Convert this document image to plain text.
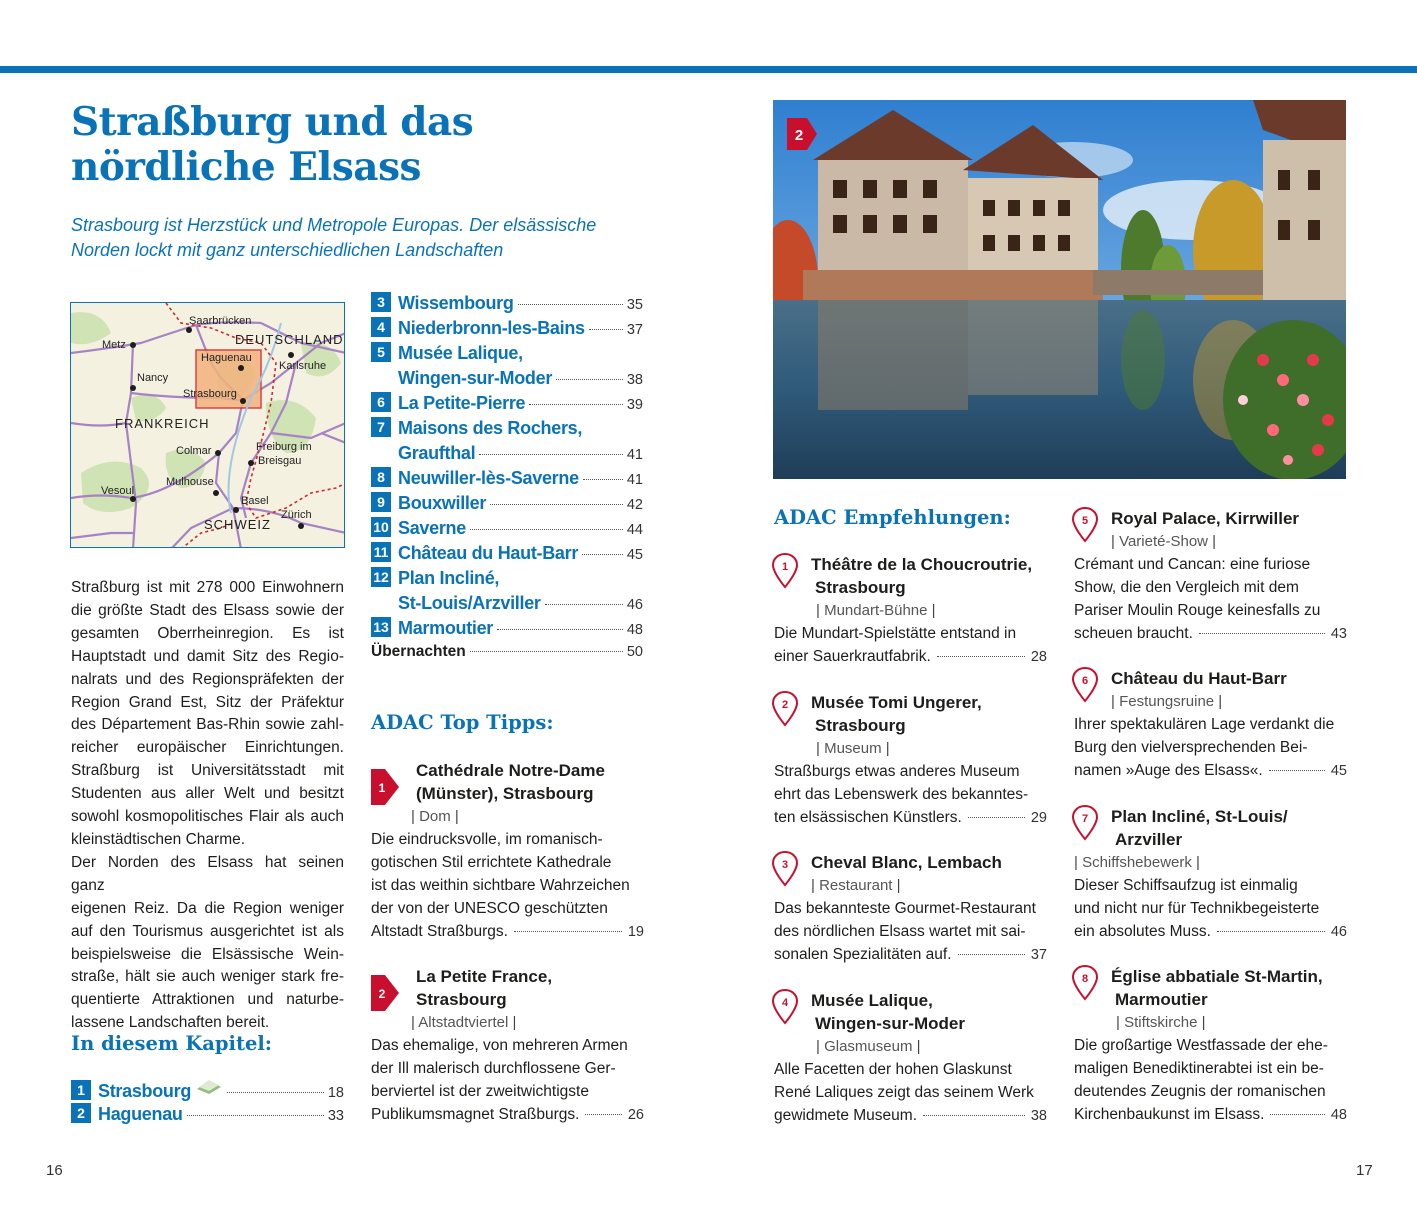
Straßburg und das
nördliche Elsass
Strasbourg ist Herzstück und Metropole Europas. Der elsässische
Norden lockt mit ganz unterschiedlichen Landschaften
Saarbrücken
Metz	DEUTSCHLAND
Haguenau
Karlsruhe
Nancy
Strasbourg
FRANKREICH
Colmar	Freiburg im
Breisgau
Mulhouse
Vesoul
Basel
Zürich
SCHWEIZ

Straßburg ist mit 278 000 Einwohnern
die größte Stadt des Elsass sowie der
gesamten Oberrheinregion. Es ist
Hauptstadt und damit Sitz des Regio-
nalrats und des Regionspräfekten der
Region Grand Est, Sitz der Präfektur
des Département Bas-Rhin sowie zahl-
reicher europäischer Einrichtungen.
Straßburg ist Universitätsstadt mit
Studenten aus aller Welt und besitzt
sowohl kosmopolitisches Flair als auch
kleinstädtischen Charme.

Der Norden des Elsass hat seinen ganz
eigenen Reiz. Da die Region weniger
auf den Tourismus ausgerichtet ist als
beispielsweise die Elsässische Wein-
straße, hält sie auch weniger stark fre-
quentierte Attraktionen und naturbe-
lassene Landschaften bereit.

In diesem Kapitel:
1 Strasbourg	18
2 Haguenau	33
3 Wissembourg	35
4 Niederbronn-les-Bains	37
5 Musée Lalique,
Wingen-sur-Moder	38
6 La Petite-Pierre	39
7 Maisons des Rochers,
Graufthal	41
8 Neuwiller-lès-Saverne	41
9 Bouxwiller	42
10 Saverne	44
11 Château du Haut-Barr	45
12 Plan Incliné,
St-Louis/Arzviller	46
13 Marmoutier	48
Übernachten	50
ADAC Top Tipps:
1
Cathédrale Notre-Dame
(Münster), Strasbourg
| Dom |
Die eindrucksvolle, im romanisch-
gotischen Stil errichtete Kathedrale
ist das weithin sichtbare Wahrzeichen
der von der UNESCO geschützten
Altstadt Straßburgs.	19
2
La Petite France,
Strasbourg
| Altstadtviertel |
Das ehemalige, von mehreren Armen
der Ill malerisch durchflossene Ger-
berviertel ist der zweitwichtigste
Publikumsmagnet Straßburgs.	26
2
ADAC Empfehlungen:
1	Théâtre de la Choucroutrie,
Strasbourg
| Mundart-Bühne |
Die Mundart-Spielstätte entstand in
einer Sauerkrautfabrik.	28
2	Musée Tomi Ungerer,
Strasbourg
| Museum |
Straßburgs etwas anderes Museum
ehrt das Lebenswerk des bekanntes-
ten elsässischen Künstlers.	29
3	Cheval Blanc, Lembach
| Restaurant |
Das bekannteste Gourmet-Restaurant
des nördlichen Elsass wartet mit sai-
sonalen Spezialitäten auf.	37
4	Musée Lalique,
Wingen-sur-Moder
| Glasmuseum |
Alle Facetten der hohen Glaskunst
René Laliques zeigt das seinem Werk
gewidmete Museum.	38
5	Royal Palace, Kirrwiller
| Varieté-Show |
Crémant und Cancan: eine furiose
Show, die den Vergleich mit dem
Pariser Moulin Rouge keinesfalls zu
scheuen braucht.	43
6	Château du Haut-Barr
| Festungsruine |
Ihrer spektakulären Lage verdankt die
Burg den vielversprechenden Bei-
namen »Auge des Elsass«.	45
7	Plan Incliné, St-Louis/
Arzviller
| Schiffshebewerk |
Dieser Schiffsaufzug ist einmalig
und nicht nur für Technikbegeisterte
ein absolutes Muss.	46
8	Église abbatiale St-Martin,
Marmoutier
| Stiftskirche |
Die großartige Westfassade der ehe-
maligen Benediktinerabtei ist ein be-
deutendes Zeugnis der romanischen
Kirchenbaukunst im Elsass.	48
16	17
